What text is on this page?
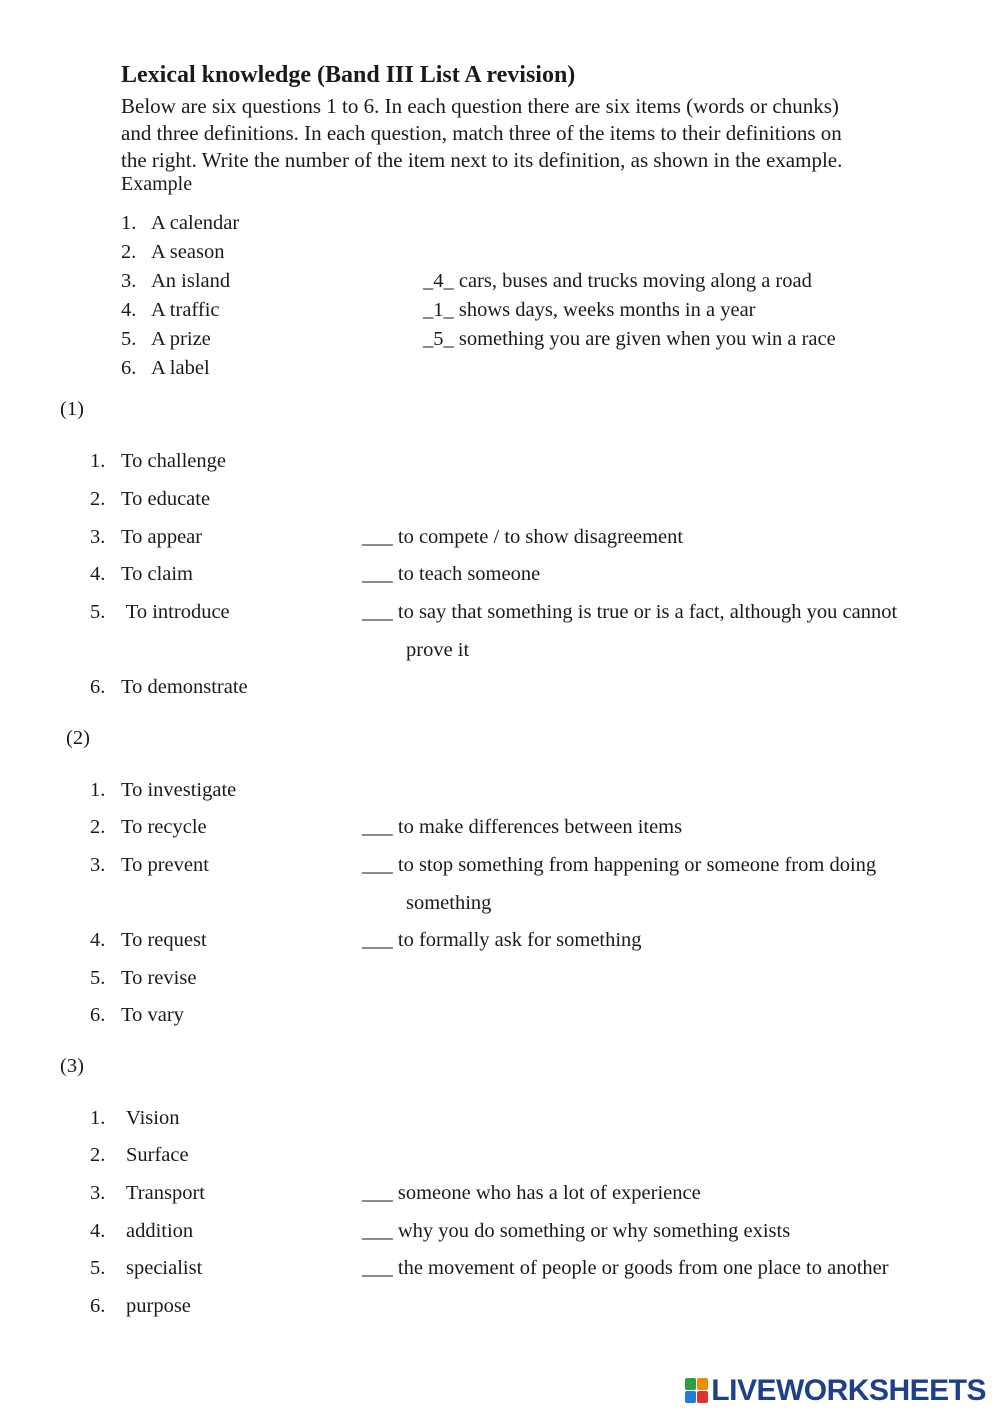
Lexical knowledge (Band III List A revision)
Below are six questions 1 to 6. In each question there are six items (words or chunks)
and three definitions. In each question, match three of the items to their definitions on
the right. Write the number of the item next to its definition, as shown in the example.
Example
1. A calendar
2. A season
3. An island
4. A traffic
5. A prize
6. A label
_4_ cars, buses and trucks moving along a road
_1_ shows days, weeks months in a year
_5_ something you are given when you win a race
(1)
1. To challenge
2. To educate
3. To appear
4. To claim
5. To introduce
6. To demonstrate
___ to compete / to show disagreement
___ to teach someone
___ to say that something is true or is a fact, although you cannot
prove it
(2)
1. To investigate
2. To recycle
3. To prevent
4. To request
5. To revise
6. To vary
___ to make differences between items
___ to stop something from happening or someone from doing
something
___ to formally ask for something
(3)
1. Vision
2. Surface
3. Transport
4. addition
5. specialist
6. purpose
___ someone who has a lot of experience
___ why you do something or why something exists
___ the movement of people or goods from one place to another
LIVEWORKSHEETS
